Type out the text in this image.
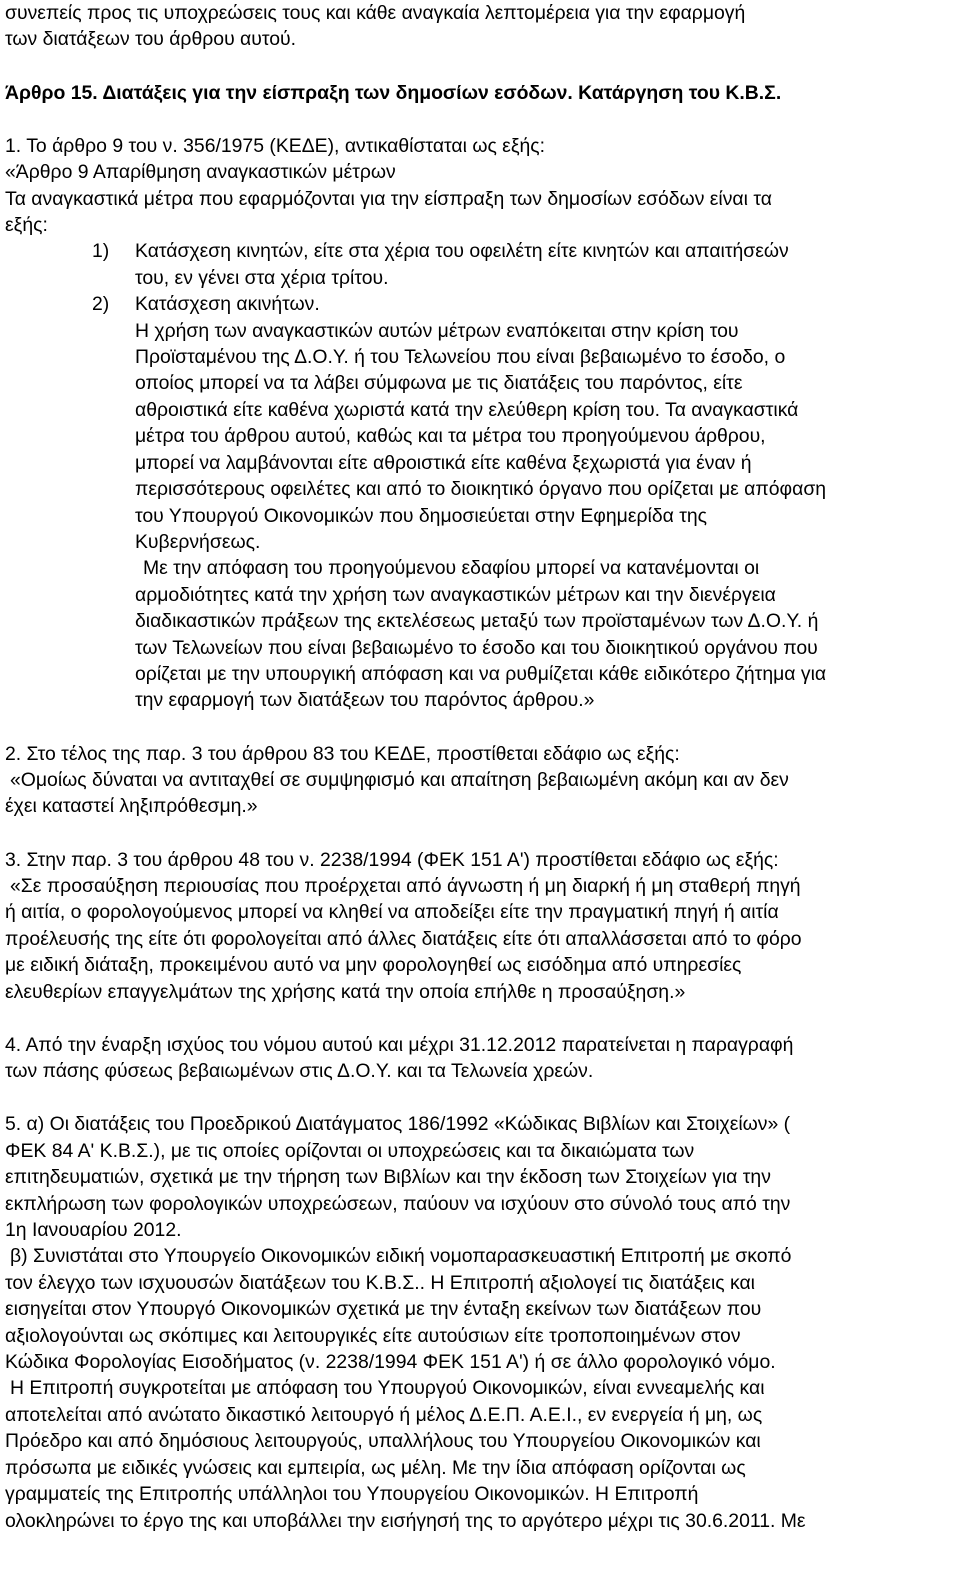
συνεπείς προς τις υποχρεώσεις τους και κάθε αναγκαία λεπτομέρεια για την εφαρμογή
των διατάξεων του άρθρου αυτού.
Άρθρο 15. Διατάξεις για την είσπραξη των δημοσίων εσόδων. Κατάργηση του Κ.Β.Σ.
1. Το άρθρο 9 του ν. 356/1975 (ΚΕΔΕ), αντικαθίσταται ως εξής:
«Άρθρο 9 Απαρίθμηση αναγκαστικών μέτρων
Τα αναγκαστικά μέτρα που εφαρμόζονται για την είσπραξη των δημοσίων εσόδων είναι τα
εξής:
1)	Κατάσχεση κινητών, είτε στα χέρια του οφειλέτη είτε κινητών και απαιτήσεών
του, εν γένει στα χέρια τρίτου.
2)	Κατάσχεση ακινήτων.
Η χρήση των αναγκαστικών αυτών μέτρων εναπόκειται στην κρίση του
Προϊσταμένου της Δ.Ο.Υ. ή του Τελωνείου που είναι βεβαιωμένο το έσοδο, ο
οποίος μπορεί να τα λάβει σύμφωνα με τις διατάξεις του παρόντος, είτε
αθροιστικά είτε καθένα χωριστά κατά την ελεύθερη κρίση του. Τα αναγκαστικά
μέτρα του άρθρου αυτού, καθώς και τα μέτρα του προηγούμενου άρθρου,
μπορεί να λαμβάνονται είτε αθροιστικά είτε καθένα ξεχωριστά για έναν ή
περισσότερους οφειλέτες και από το διοικητικό όργανο που ορίζεται με απόφαση
του Υπουργού Οικονομικών που δημοσιεύεται στην Εφημερίδα της
Κυβερνήσεως.
Με την απόφαση του προηγούμενου εδαφίου μπορεί να κατανέμονται οι
αρμοδιότητες κατά την χρήση των αναγκαστικών μέτρων και την διενέργεια
διαδικαστικών πράξεων της εκτελέσεως μεταξύ των προϊσταμένων των Δ.Ο.Υ. ή
των Τελωνείων που είναι βεβαιωμένο το έσοδο και του διοικητικού οργάνου που
ορίζεται με την υπουργική απόφαση και να ρυθμίζεται κάθε ειδικότερο ζήτημα για
την εφαρμογή των διατάξεων του παρόντος άρθρου.»
2. Στο τέλος της παρ. 3 του άρθρου 83 του ΚΕΔΕ, προστίθεται εδάφιο ως εξής:
«Ομοίως δύναται να αντιταχθεί σε συμψηφισμό και απαίτηση βεβαιωμένη ακόμη και αν δεν
έχει καταστεί ληξιπρόθεσμη.»
3. Στην παρ. 3 του άρθρου 48 του ν. 2238/1994 (ΦΕΚ 151 Α') προστίθεται εδάφιο ως εξής:
«Σε προσαύξηση περιουσίας που προέρχεται από άγνωστη ή μη διαρκή ή μη σταθερή πηγή
ή αιτία, ο φορολογούμενος μπορεί να κληθεί να αποδείξει είτε την πραγματική πηγή ή αιτία
προέλευσής της είτε ότι φορολογείται από άλλες διατάξεις είτε ότι απαλλάσσεται από το φόρο
με ειδική διάταξη, προκειμένου αυτό να μην φορολογηθεί ως εισόδημα από υπηρεσίες
ελευθερίων επαγγελμάτων της χρήσης κατά την οποία επήλθε η προσαύξηση.»
4. Από την έναρξη ισχύος του νόμου αυτού και μέχρι 31.12.2012 παρατείνεται η παραγραφή
των πάσης φύσεως βεβαιωμένων στις Δ.Ο.Υ. και τα Τελωνεία χρεών.
5. α) Οι διατάξεις του Προεδρικού Διατάγματος 186/1992 «Κώδικας Βιβλίων και Στοιχείων» (
ΦΕΚ 84 Α' Κ.Β.Σ.), με τις οποίες ορίζονται οι υποχρεώσεις και τα δικαιώματα των
επιτηδευματιών, σχετικά με την τήρηση των Βιβλίων και την έκδοση των Στοιχείων για την
εκπλήρωση των φορολογικών υποχρεώσεων, παύουν να ισχύουν στο σύνολό τους από την
1η Ιανουαρίου 2012.
β) Συνιστάται στο Υπουργείο Οικονομικών ειδική νομοπαρασκευαστική Επιτροπή με σκοπό
τον έλεγχο των ισχυουσών διατάξεων του Κ.Β.Σ.. Η Επιτροπή αξιολογεί τις διατάξεις και
εισηγείται στον Υπουργό Οικονομικών σχετικά με την ένταξη εκείνων των διατάξεων που
αξιολογούνται ως σκόπιμες και λειτουργικές είτε αυτούσιων είτε τροποποιημένων στον
Κώδικα Φορολογίας Εισοδήματος (ν. 2238/1994 ΦΕΚ 151 Α') ή σε άλλο φορολογικό νόμο.
Η Επιτροπή συγκροτείται με απόφαση του Υπουργού Οικονομικών, είναι εννεαμελής και
αποτελείται από ανώτατο δικαστικό λειτουργό ή μέλος Δ.Ε.Π. Α.Ε.Ι., εν ενεργεία ή μη, ως
Πρόεδρο και από δημόσιους λειτουργούς, υπαλλήλους του Υπουργείου Οικονομικών και
πρόσωπα με ειδικές γνώσεις και εμπειρία, ως μέλη. Με την ίδια απόφαση ορίζονται ως
γραμματείς της Επιτροπής υπάλληλοι του Υπουργείου Οικονομικών. Η Επιτροπή
ολοκληρώνει το έργο της και υποβάλλει την εισήγησή της το αργότερο μέχρι τις 30.6.2011. Με
